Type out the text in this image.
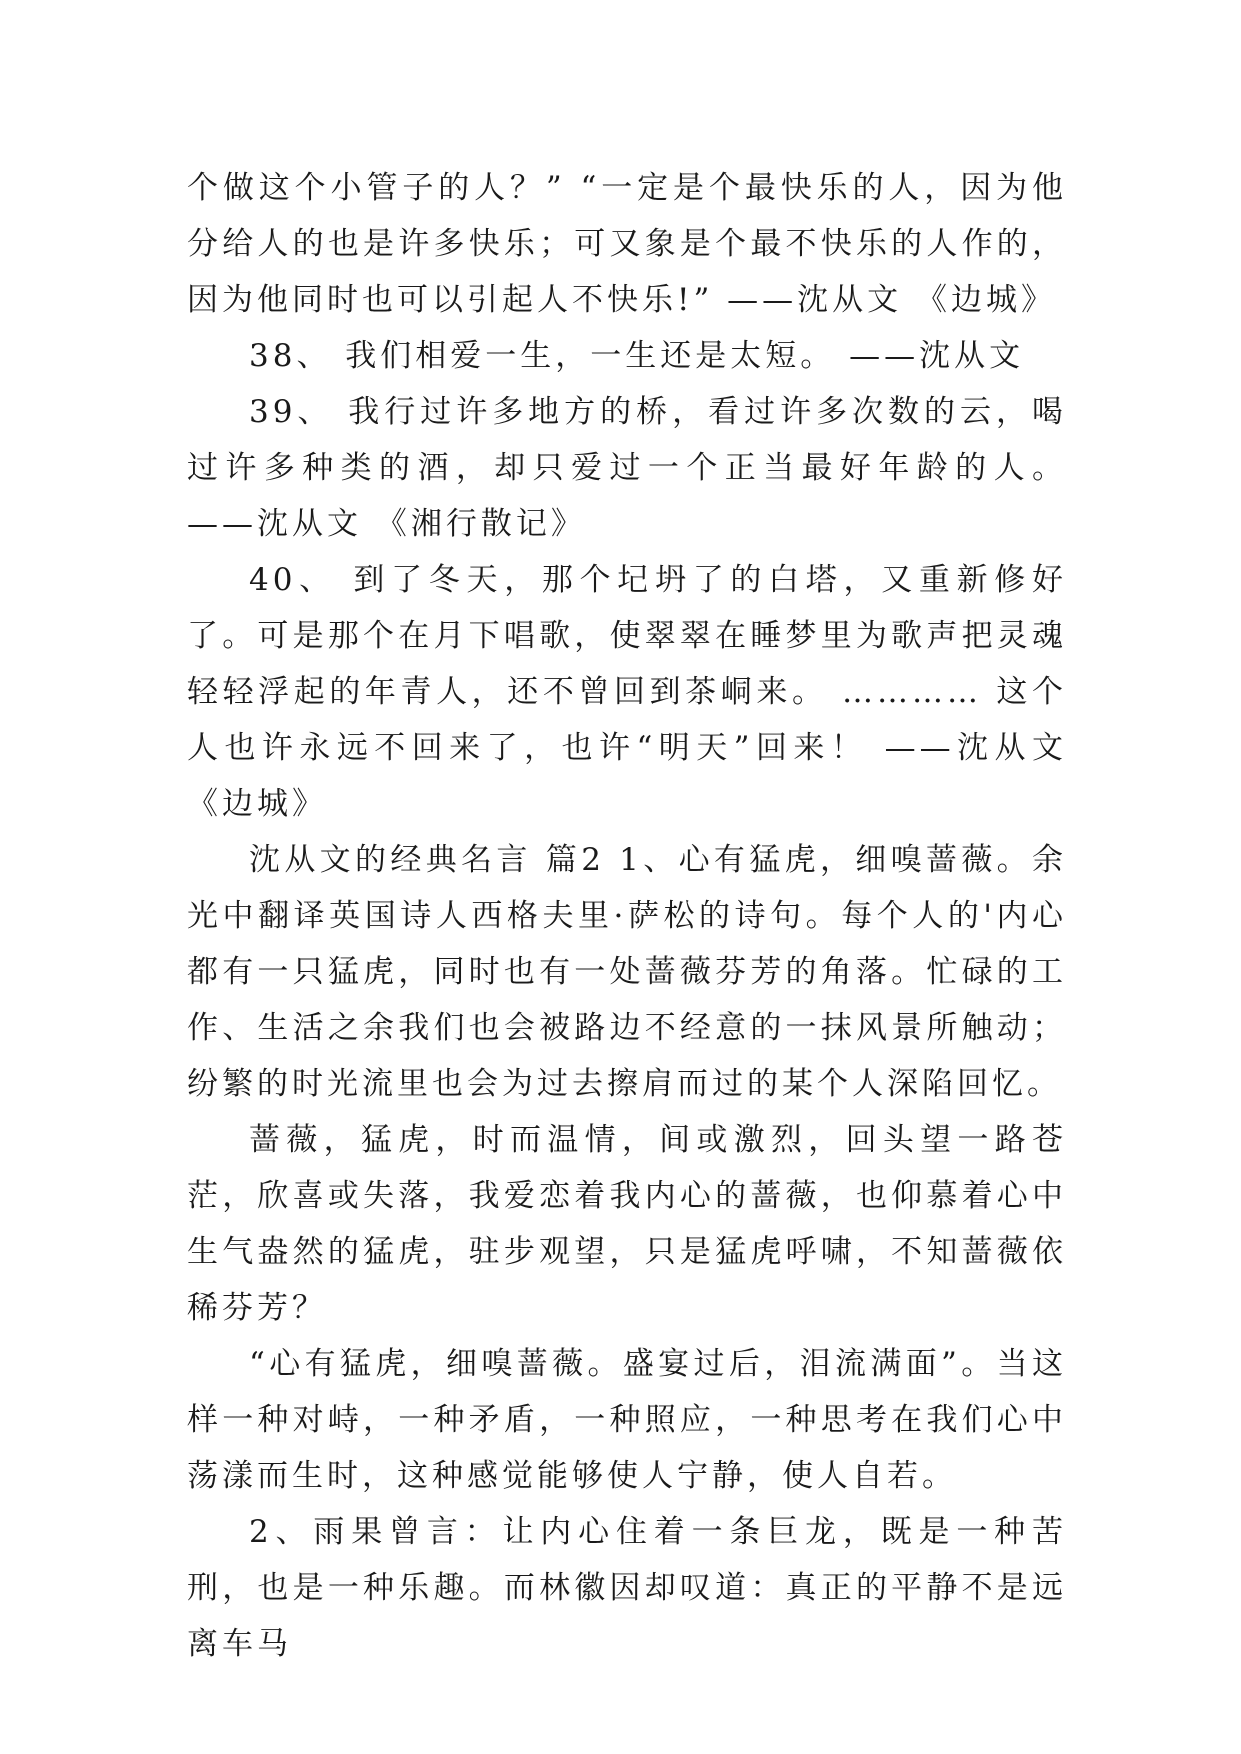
个做这个小管子的人？” “一定是个最快乐的人，因为他分给人的也是许多快乐；可又象是个最不快乐的人作的，因为他同时也可以引起人不快乐!” ——沈从文 《边城》

38、 我们相爱一生，一生还是太短。 ——沈从文

39、 我行过许多地方的桥，看过许多次数的云，喝过许多种类的酒，却只爱过一个正当最好年龄的人。 ——沈从文 《湘行散记》

40、 到了冬天，那个圮坍了的白塔，又重新修好了。可是那个在月下唱歌，使翠翠在睡梦里为歌声把灵魂轻轻浮起的年青人，还不曾回到茶峒来。 ………… 这个人也许永远不回来了，也许“明天”回来！ ——沈从文 《边城》

沈从文的经典名言 篇2 1、心有猛虎，细嗅蔷薇。余光中翻译英国诗人西格夫里·萨松的诗句。每个人的'内心都有一只猛虎，同时也有一处蔷薇芬芳的角落。忙碌的工作、生活之余我们也会被路边不经意的一抹风景所触动；纷繁的时光流里也会为过去擦肩而过的某个人深陷回忆。

蔷薇，猛虎，时而温情，间或激烈，回头望一路苍茫，欣喜或失落，我爱恋着我内心的蔷薇，也仰慕着心中生气盎然的猛虎，驻步观望，只是猛虎呼啸，不知蔷薇依稀芬芳？

“心有猛虎，细嗅蔷薇。盛宴过后，泪流满面”。当这样一种对峙，一种矛盾，一种照应，一种思考在我们心中荡漾而生时，这种感觉能够使人宁静，使人自若。

2、雨果曾言：让内心住着一条巨龙，既是一种苦刑，也是一种乐趣。而林徽因却叹道：真正的平静不是远离车马
